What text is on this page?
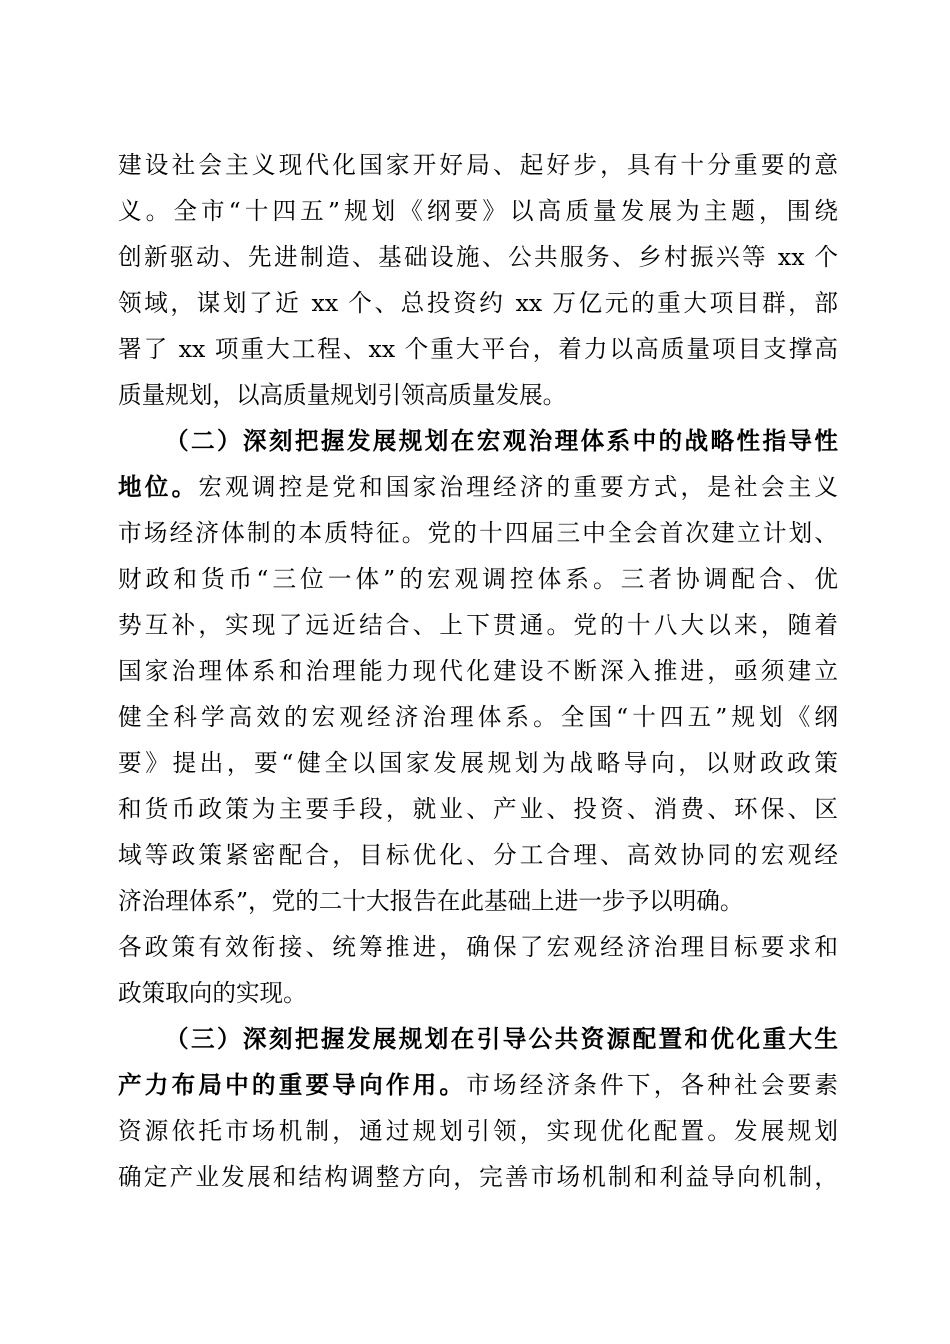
建设社会主义现代化国家开好局、起好步，具有十分重要的意
义。全市“十四五”规划《纲要》以高质量发展为主题，围绕
创新驱动、先进制造、基础设施、公共服务、乡村振兴等 xx 个
领域，谋划了近 xx 个、总投资约 xx 万亿元的重大项目群，部
署了 xx 项重大工程、xx 个重大平台，着力以高质量项目支撑高
质量规划，以高质量规划引领高质量发展。
（二）深刻把握发展规划在宏观治理体系中的战略性指导性
地位。宏观调控是党和国家治理经济的重要方式，是社会主义
市场经济体制的本质特征。党的十四届三中全会首次建立计划、
财政和货币“三位一体”的宏观调控体系。三者协调配合、优
势互补，实现了远近结合、上下贯通。党的十八大以来，随着
国家治理体系和治理能力现代化建设不断深入推进，亟须建立
健全科学高效的宏观经济治理体系。全国“十四五”规划《纲
要》提出，要“健全以国家发展规划为战略导向，以财政政策
和货币政策为主要手段，就业、产业、投资、消费、环保、区
域等政策紧密配合，目标优化、分工合理、高效协同的宏观经
济治理体系”，党的二十大报告在此基础上进一步予以明确。
各政策有效衔接、统筹推进，确保了宏观经济治理目标要求和
政策取向的实现。
（三）深刻把握发展规划在引导公共资源配置和优化重大生
产力布局中的重要导向作用。市场经济条件下，各种社会要素
资源依托市场机制，通过规划引领，实现优化配置。发展规划
确定产业发展和结构调整方向，完善市场机制和利益导向机制，
